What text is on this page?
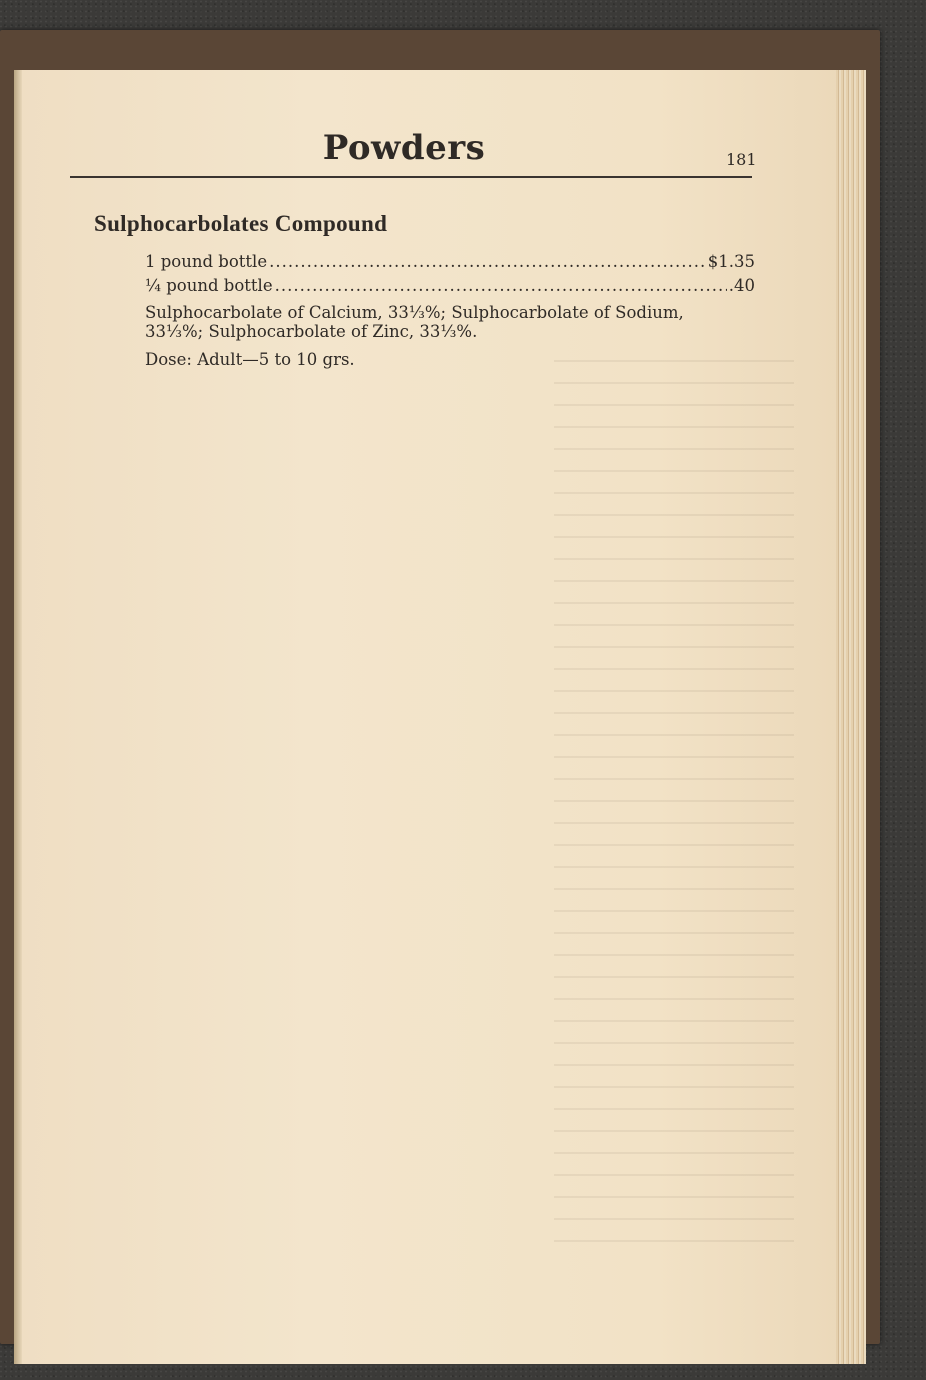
Powders	181
Sulphocarbolates Compound
1 pound bottle .....	$1.35
¼ pound bottle .....	.40
Sulphocarbolate of Calcium, 33⅓%; Sulphocarbolate of Sodium, 33⅓%; Sulphocarbolate of Zinc, 33⅓%.
Dose: Adult—5 to 10 grs.
